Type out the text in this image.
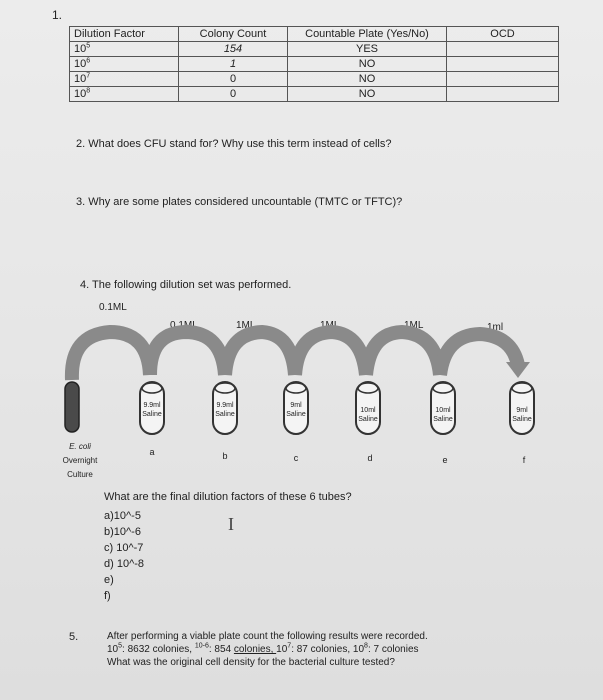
1.
Dilution Factor	Colony Count	Countable Plate (Yes/No)	OCD
$10^5$	154	YES	
$10^6$	1	NO	
$10^7$	0	NO	
$10^8$	0	NO	
2. What does CFU stand for? Why use this term instead of cells?
3. Why are some plates considered uncountable (TMTC or TFTC)?
4. The following dilution set was performed.
0.1ML
0.1ML	1ML	1ML	1ML	1ml
9.9ml
Saline
9.9ml
Saline
9ml
Saline
10ml
Saline
10ml
Saline
9ml
Saline
a	b	c	d	e	f
E. coli
Overnight
Culture
What are the final dilution factors of these 6 tubes?
a)10^-5
b)10^-6
c) 10^-7
d) 10^-8
e)
f)
I
5.	After performing a viable plate count the following results were recorded.
$10^5$: 8632 colonies, $^{10-6}$: 854 colonies, $10^7$: 87 colonies, $10^8$: 7 colonies
What was the original cell density for the bacterial culture tested?
